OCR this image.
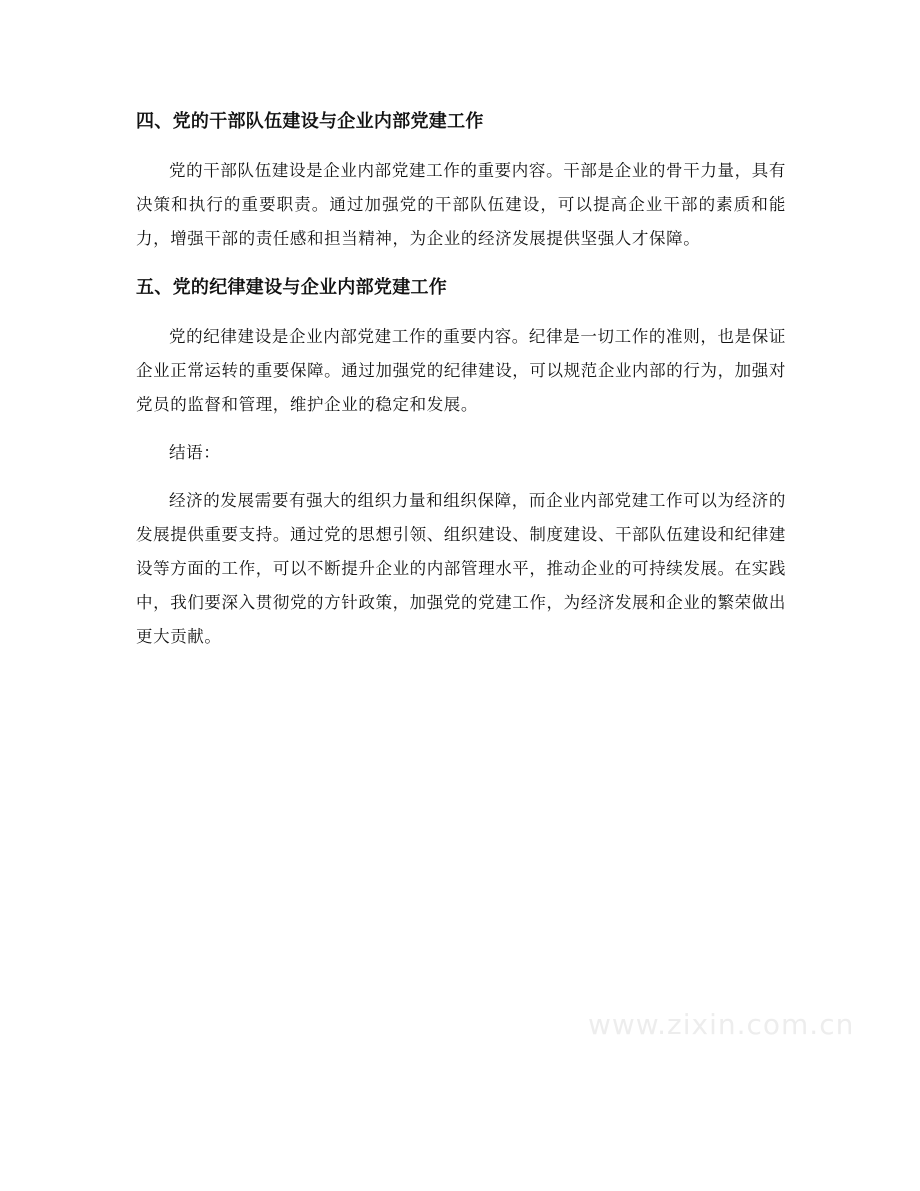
四、党的干部队伍建设与企业内部党建工作

党的干部队伍建设是企业内部党建工作的重要内容。干部是企业的骨干力量，具有决策和执行的重要职责。通过加强党的干部队伍建设，可以提高企业干部的素质和能力，增强干部的责任感和担当精神，为企业的经济发展提供坚强人才保障。

五、党的纪律建设与企业内部党建工作

党的纪律建设是企业内部党建工作的重要内容。纪律是一切工作的准则，也是保证企业正常运转的重要保障。通过加强党的纪律建设，可以规范企业内部的行为，加强对党员的监督和管理，维护企业的稳定和发展。

结语：

经济的发展需要有强大的组织力量和组织保障，而企业内部党建工作可以为经济的发展提供重要支持。通过党的思想引领、组织建设、制度建设、干部队伍建设和纪律建设等方面的工作，可以不断提升企业的内部管理水平，推动企业的可持续发展。在实践中，我们要深入贯彻党的方针政策，加强党的党建工作，为经济发展和企业的繁荣做出更大贡献。

www.zixin.com.cn
